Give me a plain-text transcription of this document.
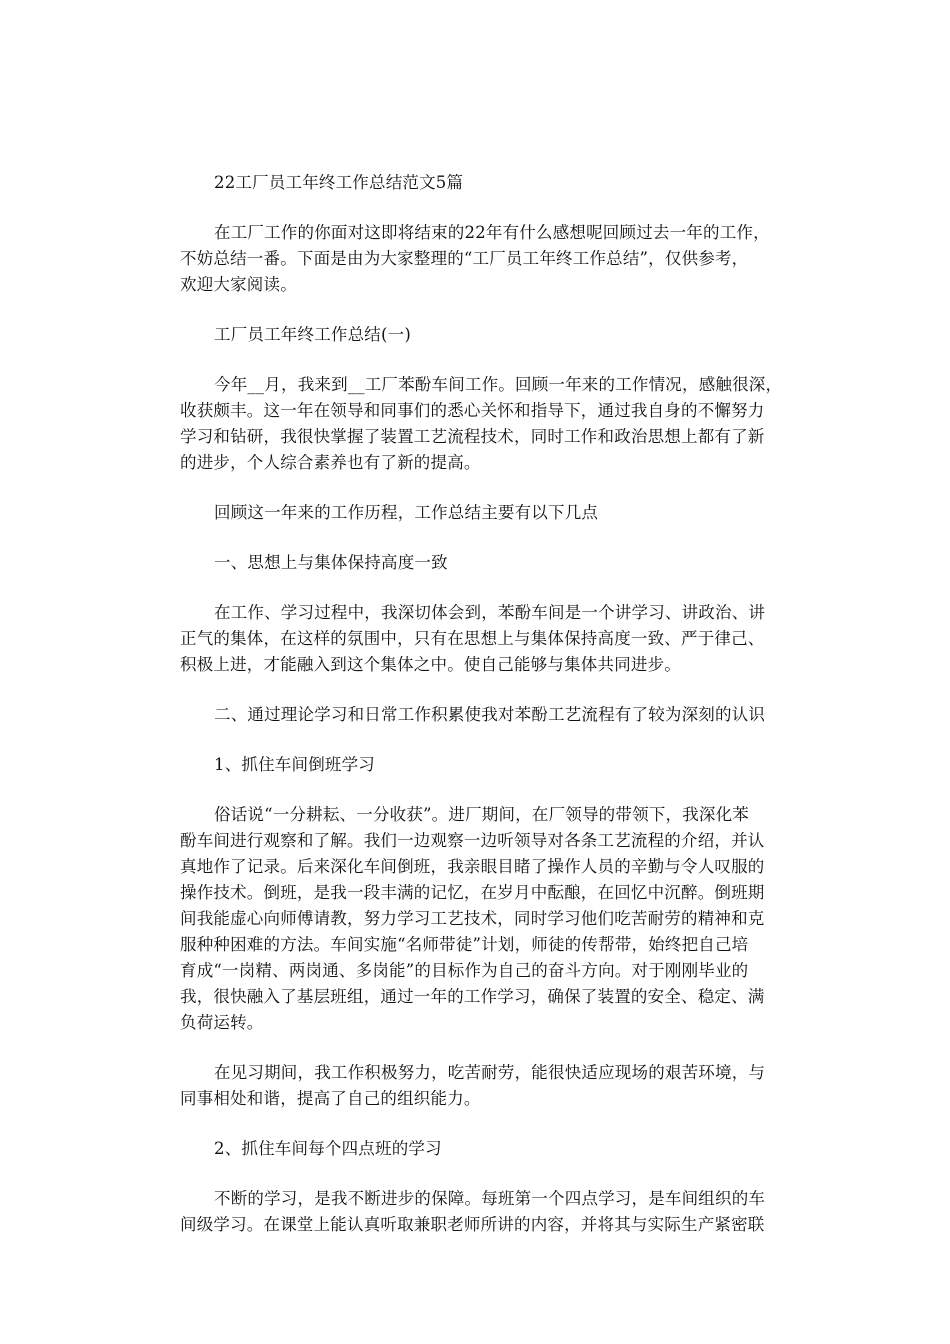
22工厂员工年终工作总结范文5篇
在工厂工作的你面对这即将结束的22年有什么感想呢回顾过去一年的工作，
不妨总结一番。下面是由为大家整理的“工厂员工年终工作总结”，仅供参考，
欢迎大家阅读。
工厂员工年终工作总结(一)
今年__月，我来到__工厂苯酚车间工作。回顾一年来的工作情况，感触很深，
收获颇丰。这一年在领导和同事们的悉心关怀和指导下，通过我自身的不懈努力
学习和钻研，我很快掌握了装置工艺流程技术，同时工作和政治思想上都有了新
的进步，个人综合素养也有了新的提高。
回顾这一年来的工作历程，工作总结主要有以下几点
一、思想上与集体保持高度一致
在工作、学习过程中，我深切体会到，苯酚车间是一个讲学习、讲政治、讲
正气的集体，在这样的氛围中，只有在思想上与集体保持高度一致、严于律己、
积极上进，才能融入到这个集体之中。使自己能够与集体共同进步。
二、通过理论学习和日常工作积累使我对苯酚工艺流程有了较为深刻的认识
1、抓住车间倒班学习
俗话说“一分耕耘、一分收获”。进厂期间，在厂领导的带领下，我深化苯
酚车间进行观察和了解。我们一边观察一边听领导对各条工艺流程的介绍，并认
真地作了记录。后来深化车间倒班，我亲眼目睹了操作人员的辛勤与令人叹服的
操作技术。倒班，是我一段丰满的记忆，在岁月中酝酿，在回忆中沉醉。倒班期
间我能虚心向师傅请教，努力学习工艺技术，同时学习他们吃苦耐劳的精神和克
服种种困难的方法。车间实施“名师带徒”计划，师徒的传帮带，始终把自己培
育成“一岗精、两岗通、多岗能”的目标作为自己的奋斗方向。对于刚刚毕业的
我，很快融入了基层班组，通过一年的工作学习，确保了装置的安全、稳定、满
负荷运转。
在见习期间，我工作积极努力，吃苦耐劳，能很快适应现场的艰苦环境，与
同事相处和谐，提高了自己的组织能力。
2、抓住车间每个四点班的学习
不断的学习，是我不断进步的保障。每班第一个四点学习，是车间组织的车
间级学习。在课堂上能认真听取兼职老师所讲的内容，并将其与实际生产紧密联
